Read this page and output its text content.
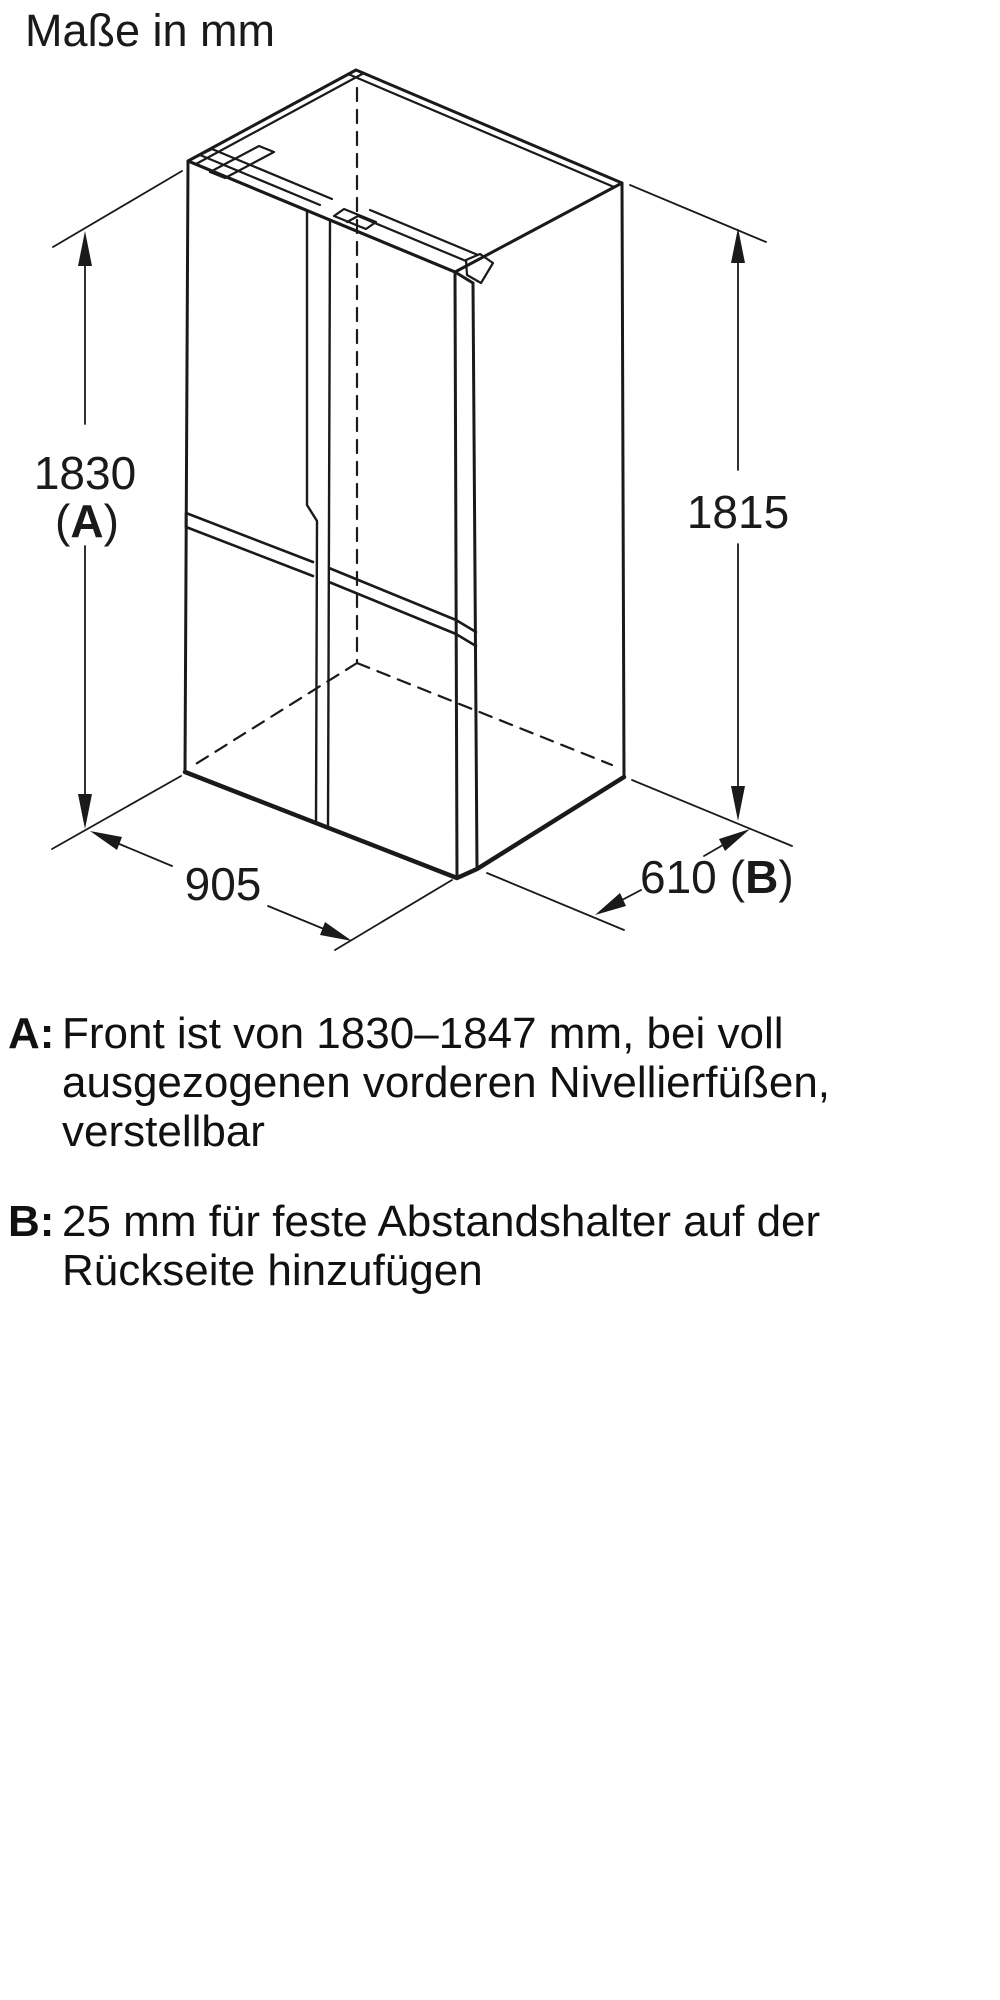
Maße in mm
1830
(A)	1815
905	610 (B)
A: Front ist von 1830–1847 mm, bei voll
ausgezogenen vorderen Nivellierfüßen,
verstellbar
B: 25 mm für feste Abstandshalter auf der
Rückseite hinzufügen
